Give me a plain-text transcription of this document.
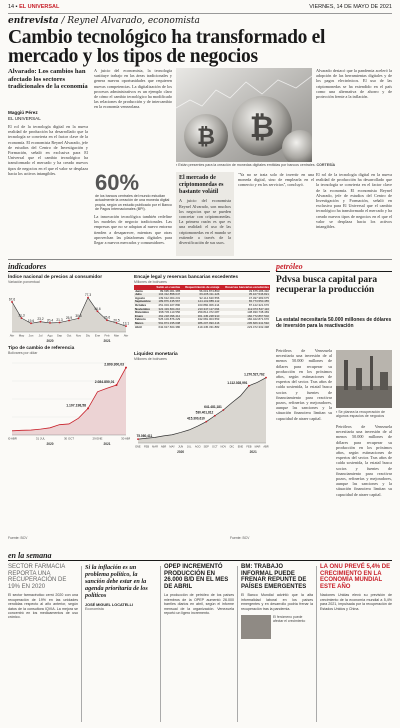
14 ▪ EL UNIVERSAL	VIERNES, 14 DE MAYO DE 2021
entrevista / Reynel Alvarado, economista
Cambio tecnológico ha transformado el mercado y los tipos de negocios
Alvarado: Los cambios han afectado los sectores tradicionales de la economía
Maggiú Pérez
EL UNIVERSAL
El rol de la tecnología digital en la nueva realidad de producción ha desarrollado que la tecnología se convierta en el factor clave de la economía. El economista Reynel Alvarado, jefe de estudios del Centro de Investigación y Formación, señaló en exclusiva para El Universal que el cambio tecnológico ha transformado el mercado y ha creado nuevos tipos de negocios en el que el valor se desplaza hacia los activos intangibles.
A juicio del economista, la tecnología sustituye trabajo en las áreas tradicionales y genera nuevas oportunidades que requieren nuevas competencias. La digitalización de los procesos administrativos es un ejemplo claro de cómo el cambio tecnológico ha modificado las relaciones de producción y de intercambio en la economía venezolana.
60%
de los bancos centrales del mundo estudian actualmente la creación de una moneda digital propia, según un estudio publicado por el Banco de Pagos Internacionales (BPI).
La innovación tecnológica también redefine los modelos de negocio tradicionales. Las empresas que no se adaptan al nuevo entorno tienden a desaparecer, mientras que otras aprovechan las plataformas digitales para llegar a nuevos mercados y consumidores.
₿ ₿
Alvarado destacó que la pandemia aceleró la adopción de las herramientas digitales y de los pagos electrónicos. El uso de las criptomonedas se ha extendido en el país como una alternativa de ahorro y de protección frente a la inflación.
▪ Están presentes para la creación de monedas digitales emitidas por bancos centrales. CORTESÍA
El mercado de criptomonedas es bastante volátil
A juicio del economista Reynel Alvarado, son muchos los negocios que se pueden concretar con criptomonedas. La primera razón es que es una realidad: el uso de las criptomonedas en el mundo se extiende a través de la diversificación de sus usos.
"Ya no se trata solo de invertir en una moneda digital, sino de emplearla en el comercio y en los servicios", concluyó.
El rol de la tecnología digital en la nueva realidad de producción ha desarrollado que la tecnología se convierta en el factor clave de la economía. El economista Reynel Alvarado, jefe de estudios del Centro de Investigación y Formación, señaló en exclusiva para El Universal que el cambio tecnológico ha transformado el mercado y ha creado nuevos tipos de negocios en el que el valor se desplaza hacia los activos intangibles.
indicadores
Índice nacional de precios al consumidor
Variación porcentual
67,6
31,3
19,6 23,2 20,4 21,3
25,9
30,6
77,3
46,6
26,6
20,5
13,1
Abr May Jun Jul Ago Sep Oct Nov Dic Ene Feb Mar Abr
2020	2021
Encaje legal y reservas bancarias excedentes
Millones de bolívares
	Saldo en cuentas	Requerimiento de encaje	Reservas bancarias excedentes
Junio	89.695.061.385	56.019.874.893	33.675.186.492
Julio	104.312.858.047	69.205.311.226	35.107.546.821
Agosto	139.612.004.231	92.114.620.556	47.497.383.675
Septiembre	189.876.435.567	124.102.885.112	65.773.550.455
Octubre	251.004.327.890	163.882.006.214	87.122.321.676
Noviembre	322.419.664.210	210.347.117.094	112.072.547.116
Diciembre	398.745.110.556	259.814.372.087	138.930.738.469
Enero	462.218.096.412	301.445.228.910	160.772.867.502
Febrero	525.103.876.229	342.681.004.553	182.422.871.676
Marzo	591.874.335.008	386.207.993.416	205.666.341.592
Abril	642.917.664.380	419.445.331.882	223.472.332.498
Tipo de cambio de referencia
Bolívares por dólar
2.809.300,03
2.084.850,01
1.107.198,58
30 ABR	31 JUL	30 OCT	29 ENE	30 ABR
2020	2021
Liquidez monetaria
Millones de bolívares
1.270.527,762
1.112.028,991
641.481,181
530.401,812
415.300,610
75.080,411
ENE FEB MAR ABR MAY JUN JUL AGO SEP OCT NOV DIC ENE FEB MAR ABR
2020	2021
Fuente: BCV	Fuente: BCV
petróleo
Pdvsa busca capital para recuperar la producción
La estatal necesitaría 50.000 millones de dólares de inversión para la reactivación
Petróleos de Venezuela necesitaría una inversión de al menos 50.000 millones de dólares para recuperar su producción en los próximos años, según estimaciones de expertos del sector. Tras años de caída sostenida, la estatal busca socios y fuentes de financiamiento para reactivar pozos, refinerías y mejoradores, aunque las sanciones y la situación financiera limitan su capacidad de atraer capital.
▪ Se planea la recuperación de algunos espacios de negocios
Petróleos de Venezuela necesitaría una inversión de al menos 50.000 millones de dólares para recuperar su producción en los próximos años, según estimaciones de expertos del sector. Tras años de caída sostenida, la estatal busca socios y fuentes de financiamiento para reactivar pozos, refinerías y mejoradores, aunque las sanciones y la situación financiera limitan su capacidad de atraer capital.
en la semana
SECTOR FARMACIA REPORTA UNA RECUPERACIÓN DE 19% EN 2020
El sector farmacéutico cerró 2020 con una recuperación de 19% en las unidades vendidas respecto al año anterior, según datos de la consultora IQVIA. La mejora se concentró en los medicamentos de uso crónico.
Si la inflación es un problema político, la sanción debe estar en la agenda prioritaria de los políticos
JOSÉ MIGUEL LOCATELLI
Economista
OPEP INCREMENTÓ PRODUCCIÓN EN 26.000 B/D EN EL MES DE ABRIL
La producción de petróleo de los países miembros de la OPEP aumentó 26.000 barriles diarios en abril, según el informe mensual de la organización. Venezuela reportó un ligero incremento.
BM: TRABAJO INFORMAL PUEDE FRENAR REPUNTE DE PAÍSES EMERGENTES
El Banco Mundial advirtió que la alta informalidad laboral en los países emergentes y en desarrollo podría frenar la recuperación tras la pandemia.
El fenómeno puede afectar el crecimiento
LA ONU PREVÉ 5,4% DE CRECIMIENTO EN LA ECONOMÍA MUNDIAL ESTE AÑO
Naciones Unidas elevó su previsión de crecimiento de la economía mundial a 5,4% para 2021, impulsada por la recuperación de Estados Unidos y China.
